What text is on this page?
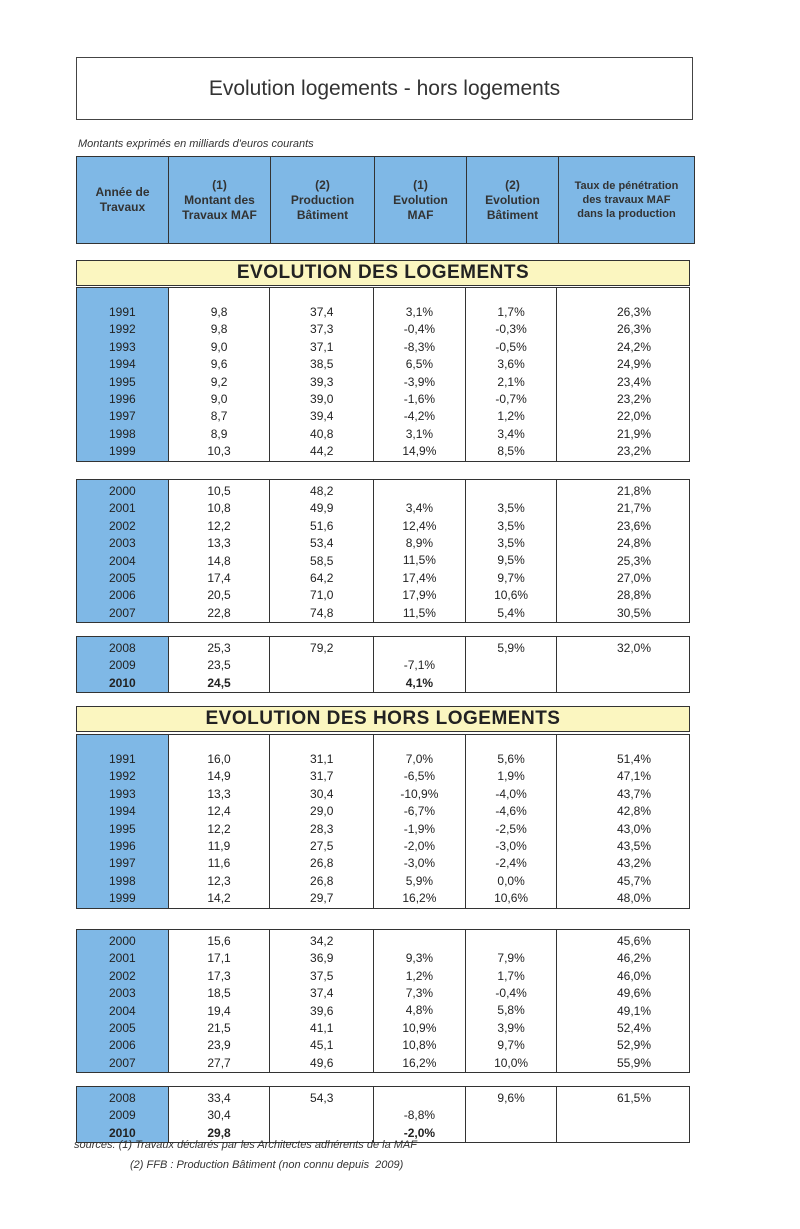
Evolution logements - hors logements
Montants exprimés en milliards d'euros courants
Année de
Travaux
(1)
Montant des
Travaux MAF
(2)
Production
Bâtiment
(1)
Evolution
MAF
(2)
Evolution
Bâtiment
Taux de pénétration
des travaux MAF
dans la production
EVOLUTION DES LOGEMENTS
1991
1992
1993
1994
1995
1996
1997
1998
1999
9,8
9,8
9,0
9,6
9,2
9,0
8,7
8,9
10,3
37,4
37,3
37,1
38,5
39,3
39,0
39,4
40,8
44,2
3,1%
-0,4%
-8,3%
6,5%
-3,9%
-1,6%
-4,2%
3,1%
14,9%
1,7%
-0,3%
-0,5%
3,6%
2,1%
-0,7%
1,2%
3,4%
8,5%
26,3%
26,3%
24,2%
24,9%
23,4%
23,2%
22,0%
21,9%
23,2%
2000
2001
2002
2003
2004
2005
2006
2007
10,5
10,8
12,2
13,3
14,8
17,4
20,5
22,8
48,2
49,9
51,6
53,4
58,5
64,2
71,0
74,8
3,4%
12,4%
8,9%
11,5%
17,4%
17,9%
11,5%
3,5%
3,5%
3,5%
9,5%
9,7%
10,6%
5,4%
21,8%
21,7%
23,6%
24,8%
25,3%
27,0%
28,8%
30,5%
2008
2009
2010
25,3
23,5
24,5
79,2
-7,1%
4,1%
5,9%	32,0%
EVOLUTION DES HORS LOGEMENTS
1991
1992
1993
1994
1995
1996
1997
1998
1999
16,0
14,9
13,3
12,4
12,2
11,9
11,6
12,3
14,2
31,1
31,7
30,4
29,0
28,3
27,5
26,8
26,8
29,7
7,0%
-6,5%
-10,9%
-6,7%
-1,9%
-2,0%
-3,0%
5,9%
16,2%
5,6%
1,9%
-4,0%
-4,6%
-2,5%
-3,0%
-2,4%
0,0%
10,6%
51,4%
47,1%
43,7%
42,8%
43,0%
43,5%
43,2%
45,7%
48,0%
2000
2001
2002
2003
2004
2005
2006
2007
15,6
17,1
17,3
18,5
19,4
21,5
23,9
27,7
34,2
36,9
37,5
37,4
39,6
41,1
45,1
49,6
9,3%
1,2%
7,3%
4,8%
10,9%
10,8%
16,2%
7,9%
1,7%
-0,4%
5,8%
3,9%
9,7%
10,0%
45,6%
46,2%
46,0%
49,6%
49,1%
52,4%
52,9%
55,9%
2008
2009
2010
33,4
30,4
29,8
54,3
-8,8%
-2,0%
9,6%	61,5%
sources: (1) Travaux déclarés par les Architectes adhérents de la MAF
(2) FFB : Production Bâtiment (non connu depuis  2009)
